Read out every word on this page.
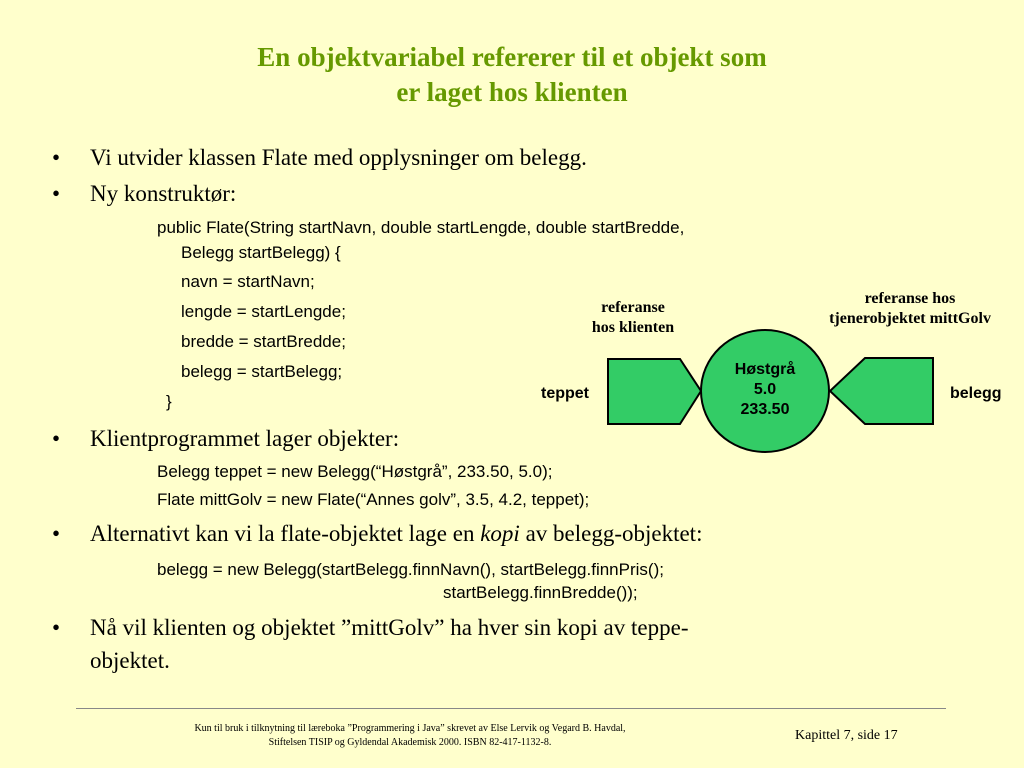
En objektvariabel refererer til et objekt som
er laget hos klienten
• Vi utvider klassen Flate med opplysninger om belegg.
• Ny konstruktør:
public Flate(String startNavn, double startLengde, double startBredde,
Belegg startBelegg) {
navn = startNavn;
lengde = startLengde;
bredde = startBredde;
belegg = startBelegg;
}
• Klientprogrammet lager objekter:
Belegg teppet = new Belegg(“Høstgrå”, 233.50, 5.0);
Flate mittGolv = new Flate(“Annes golv”, 3.5, 4.2, teppet);
• Alternativt kan vi la flate-objektet lage en kopi av belegg-objektet:
belegg = new Belegg(startBelegg.finnNavn(), startBelegg.finnPris();
startBelegg.finnBredde());
• Nå vil klienten og objektet ”mittGolv” ha hver sin kopi av teppe-
objektet.
referanse
hos klienten
referanse hos
tjenerobjektet mittGolv
Høstgrå
5.0
233.50
teppet	belegg
Kun til bruk i tilknytning til læreboka ”Programmering i Java” skrevet av Else Lervik og Vegard B. Havdal,
Stiftelsen TISIP og Gyldendal Akademisk 2000. ISBN 82-417-1132-8.	Kapittel 7, side 17
